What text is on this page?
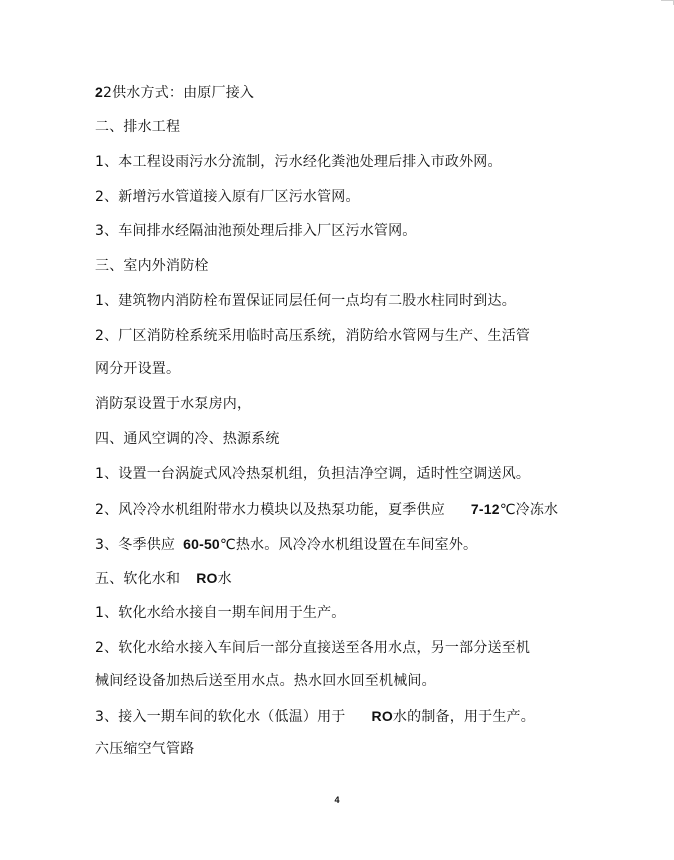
22供水方式：由原厂接入
二、排水工程
1、本工程设雨污水分流制，污水经化粪池处理后排入市政外网。
2、新增污水管道接入原有厂区污水管网。
3、车间排水经隔油池预处理后排入厂区污水管网。
三、室内外消防栓
1、建筑物内消防栓布置保证同层任何一点均有二股水柱同时到达。
2、厂区消防栓系统采用临时高压系统，消防给水管网与生产、生活管
网分开设置。
消防泵设置于水泵房内，
四、通风空调的冷、热源系统
1、设置一台涡旋式风冷热泵机组，负担洁净空调，适时性空调送风。
2、风冷冷水机组附带水力模块以及热泵功能，夏季供应 7-12℃冷冻水
3、冬季供应 60-50℃热水。风冷冷水机组设置在车间室外。
五、软化水和 RO水
1、软化水给水接自一期车间用于生产。
2、软化水给水接入车间后一部分直接送至各用水点，另一部分送至机
械间经设备加热后送至用水点。热水回水回至机械间。
3、接入一期车间的软化水（低温）用于 RO水的制备，用于生产。
六压缩空气管路
4
